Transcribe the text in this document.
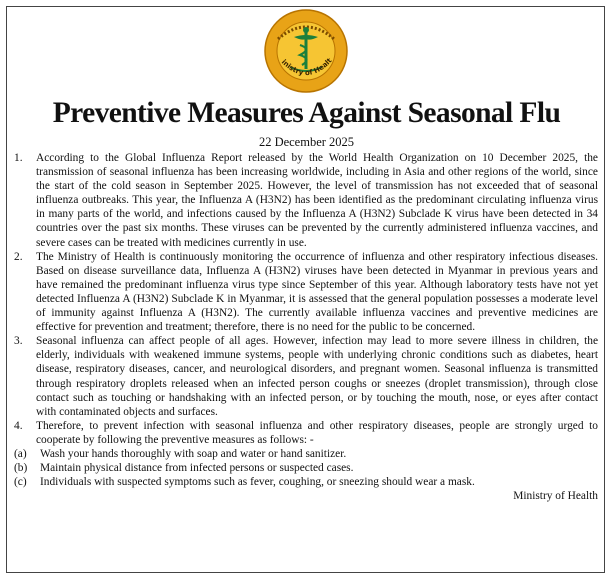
inistry of Healt
Preventive Measures Against Seasonal Flu
22 December 2025
1. According to the Global Influenza Report released by the World Health Organization on 10 December 2025, the transmission of seasonal influenza has been increasing worldwide, including in Asia and other regions of the world, since the start of the cold season in September 2025. However, the level of transmission has not exceeded that of seasonal influenza outbreaks. This year, the Influenza A (H3N2) has been identified as the predominant circulating influenza virus in many parts of the world, and infections caused by the Influenza A (H3N2) Subclade K virus have been detected in 34 countries over the past six months. These viruses can be prevented by the currently administered influenza vaccines, and severe cases can be treated with medicines currently in use.
2. The Ministry of Health is continuously monitoring the occurrence of influenza and other respiratory infectious diseases. Based on disease surveillance data, Influenza A (H3N2) viruses have been detected in Myanmar in previous years and have remained the predominant influenza virus type since September of this year. Although laboratory tests have not yet detected Influenza A (H3N2) Subclade K in Myanmar, it is assessed that the general population possesses a moderate level of immunity against Influenza A (H3N2). The currently available influenza vaccines and preventive medicines are effective for prevention and treatment; therefore, there is no need for the public to be concerned.
3. Seasonal influenza can affect people of all ages. However, infection may lead to more severe illness in children, the elderly, individuals with weakened immune systems, people with underlying chronic conditions such as diabetes, heart disease, respiratory diseases, cancer, and neurological disorders, and pregnant women. Seasonal influenza is transmitted through respiratory droplets released when an infected person coughs or sneezes (droplet transmission), through close contact such as touching or handshaking with an infected person, or by touching the mouth, nose, or eyes after contact with contaminated objects and surfaces.
4. Therefore, to prevent infection with seasonal influenza and other respiratory diseases, people are strongly urged to cooperate by following the preventive measures as follows: -
(a) Wash your hands thoroughly with soap and water or hand sanitizer.
(b) Maintain physical distance from infected persons or suspected cases.
(c) Individuals with suspected symptoms such as fever, coughing, or sneezing should wear a mask.
Ministry of Health
